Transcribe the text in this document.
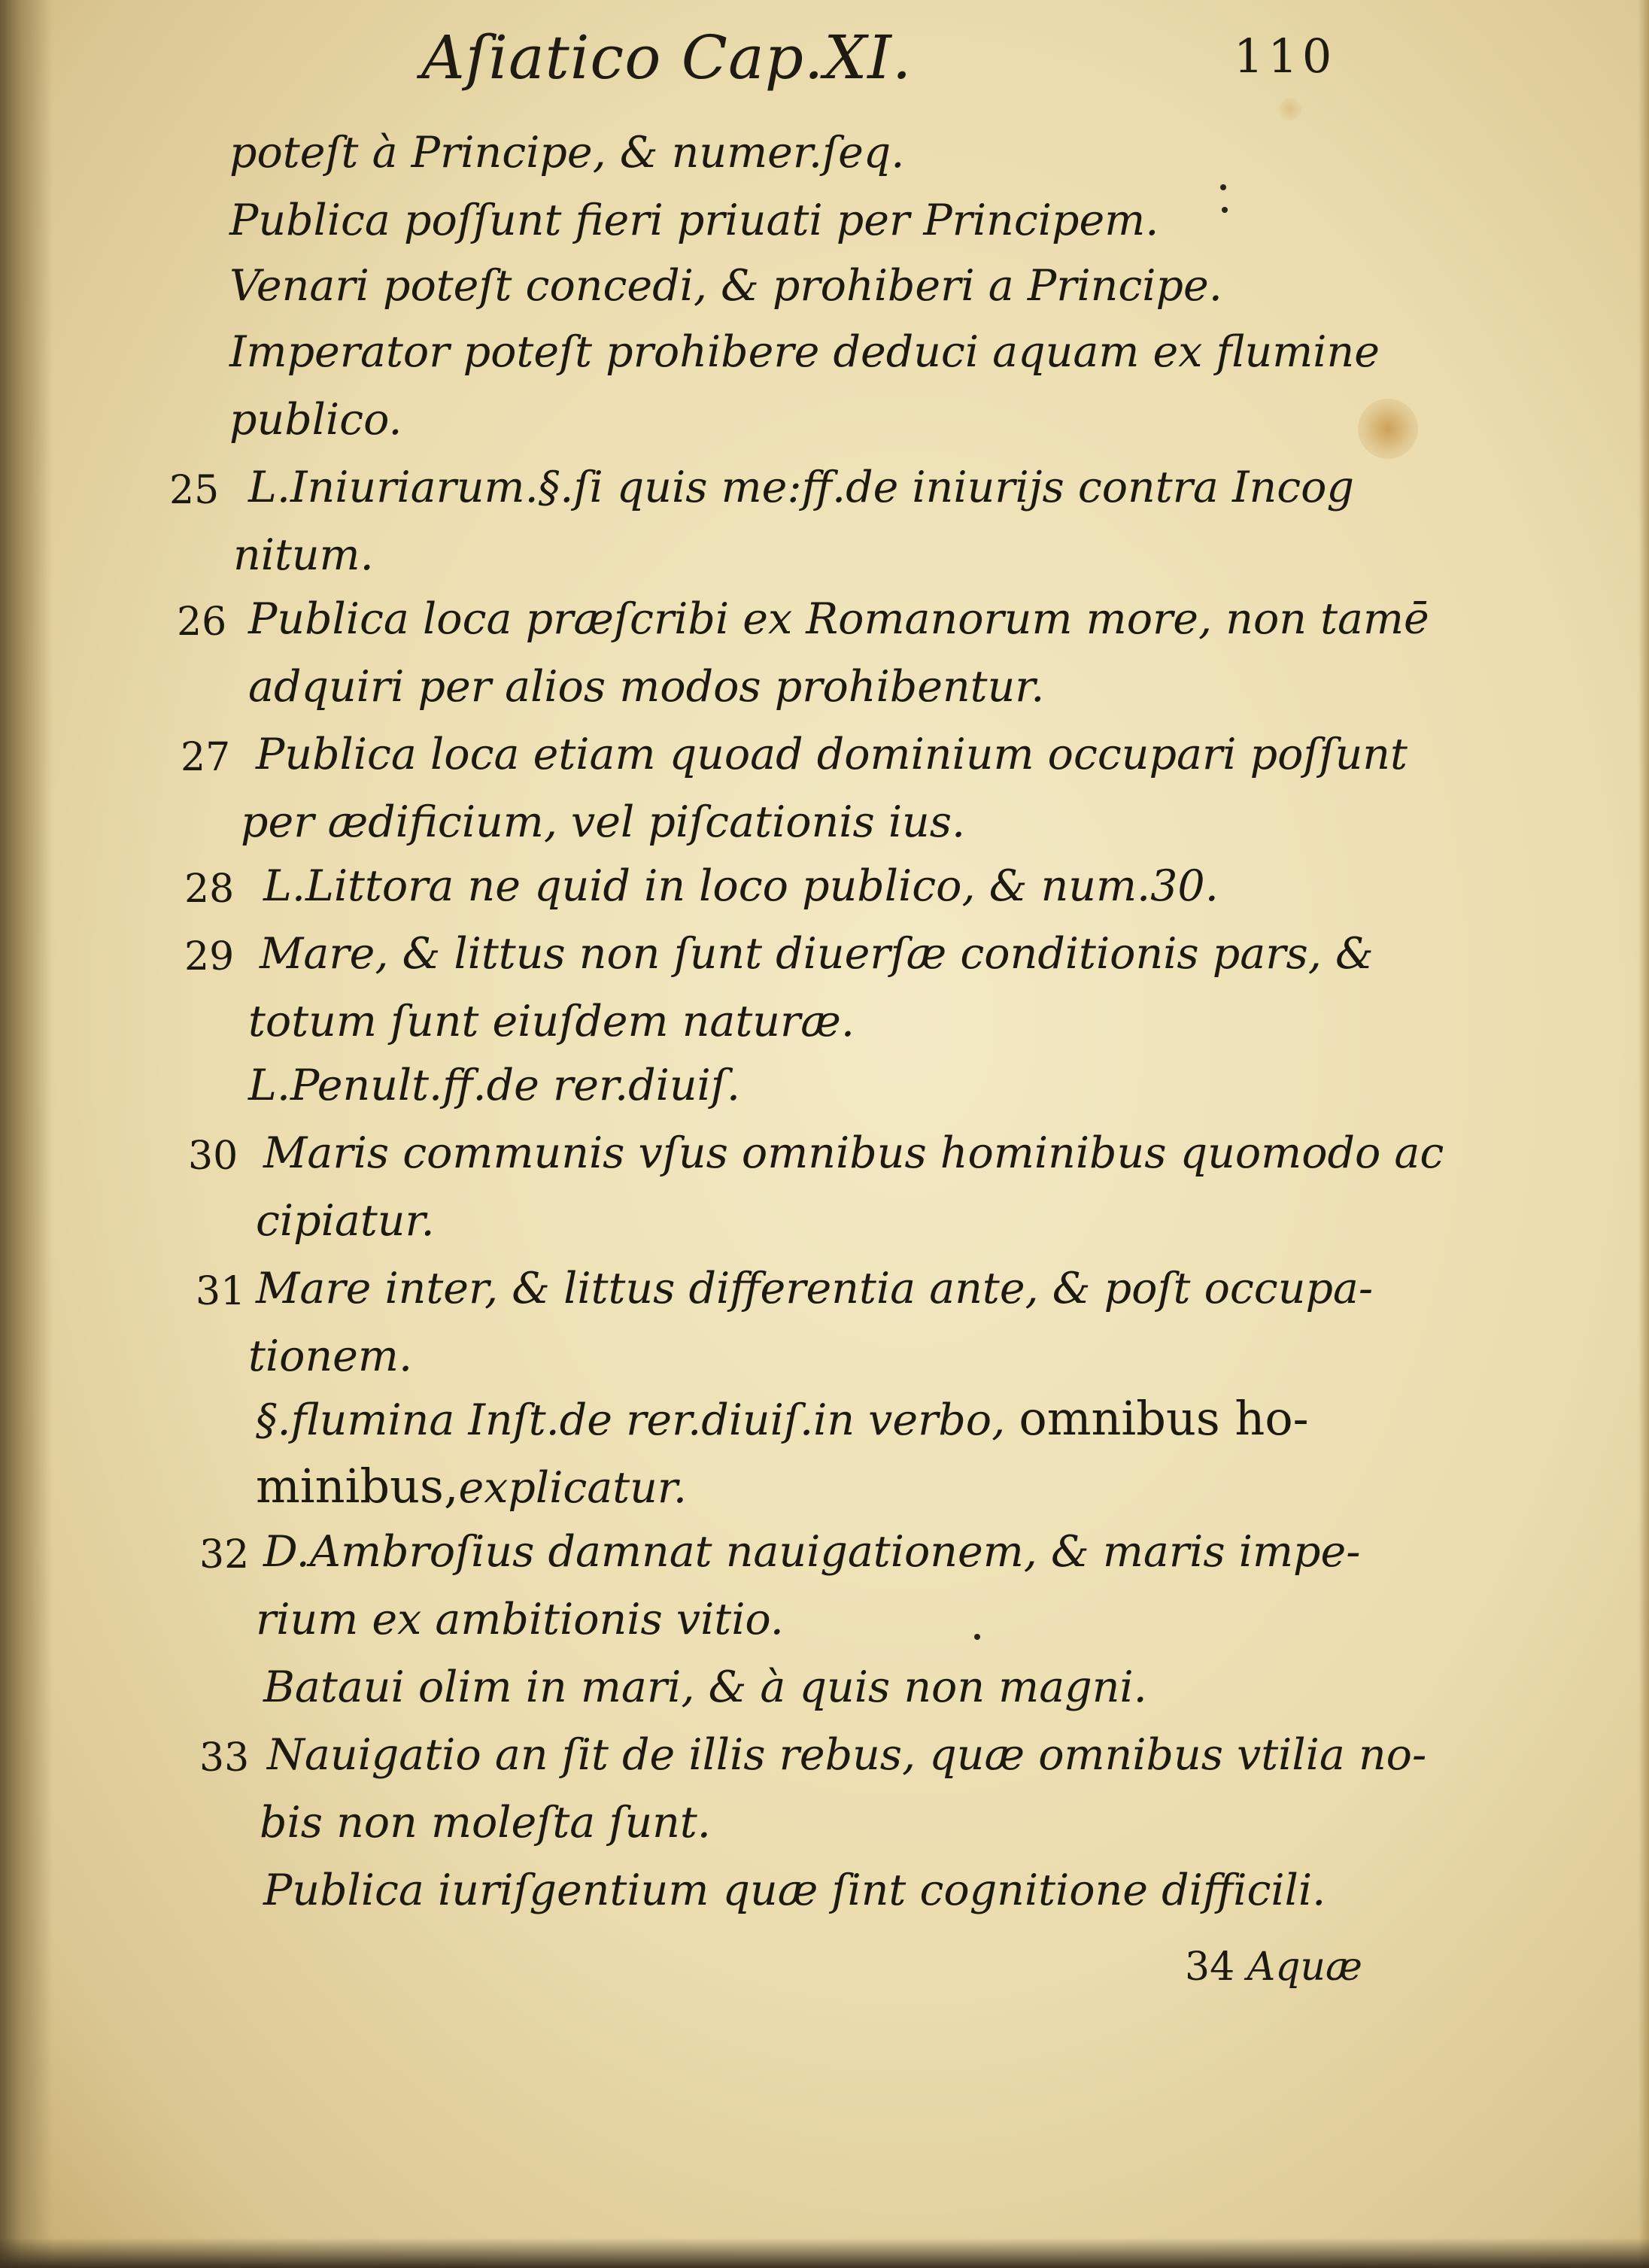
Aſiatico Cap.XI.	110
poteſt à Principe, & numer.ſeq.
Publica poſſunt fieri priuati per Principem.
Venari poteſt concedi, & prohiberi a Principe.
Imperator poteſt prohibere deduci aquam ex flumine
publico.
25 L.Iniuriarum.§.ſi quis me:ff.de iniurijs contra Incog
nitum.
26 Publica loca præſcribi ex Romanorum more, non tamē
adquiri per alios modos prohibentur.
27 Publica loca etiam quoad dominium occupari poſſunt
per ædificium, vel piſcationis ius.
28 L.Littora ne quid in loco publico, & num.30.
29 Mare, & littus non ſunt diuerſæ conditionis pars, &
totum ſunt eiuſdem naturæ.
L.Penult.ff.de rer.diuiſ.
30 Maris communis vſus omnibus hominibus quomodo ac
cipiatur.
31 Mare inter, & littus differentia ante, & poſt occupa-
tionem.
§.flumina Inſt.de rer.diuiſ.in verbo, omnibus ho-
minibus,explicatur.
32 D.Ambroſius damnat nauigationem, & maris impe-
rium ex ambitionis vitio.
Bataui olim in mari, & à quis non magni.
33 Nauigatio an ſit de illis rebus, quæ omnibus vtilia no-
bis non moleſta ſunt.
Publica iuriſgentium quæ ſint cognitione difficili.
34 Aquæ
